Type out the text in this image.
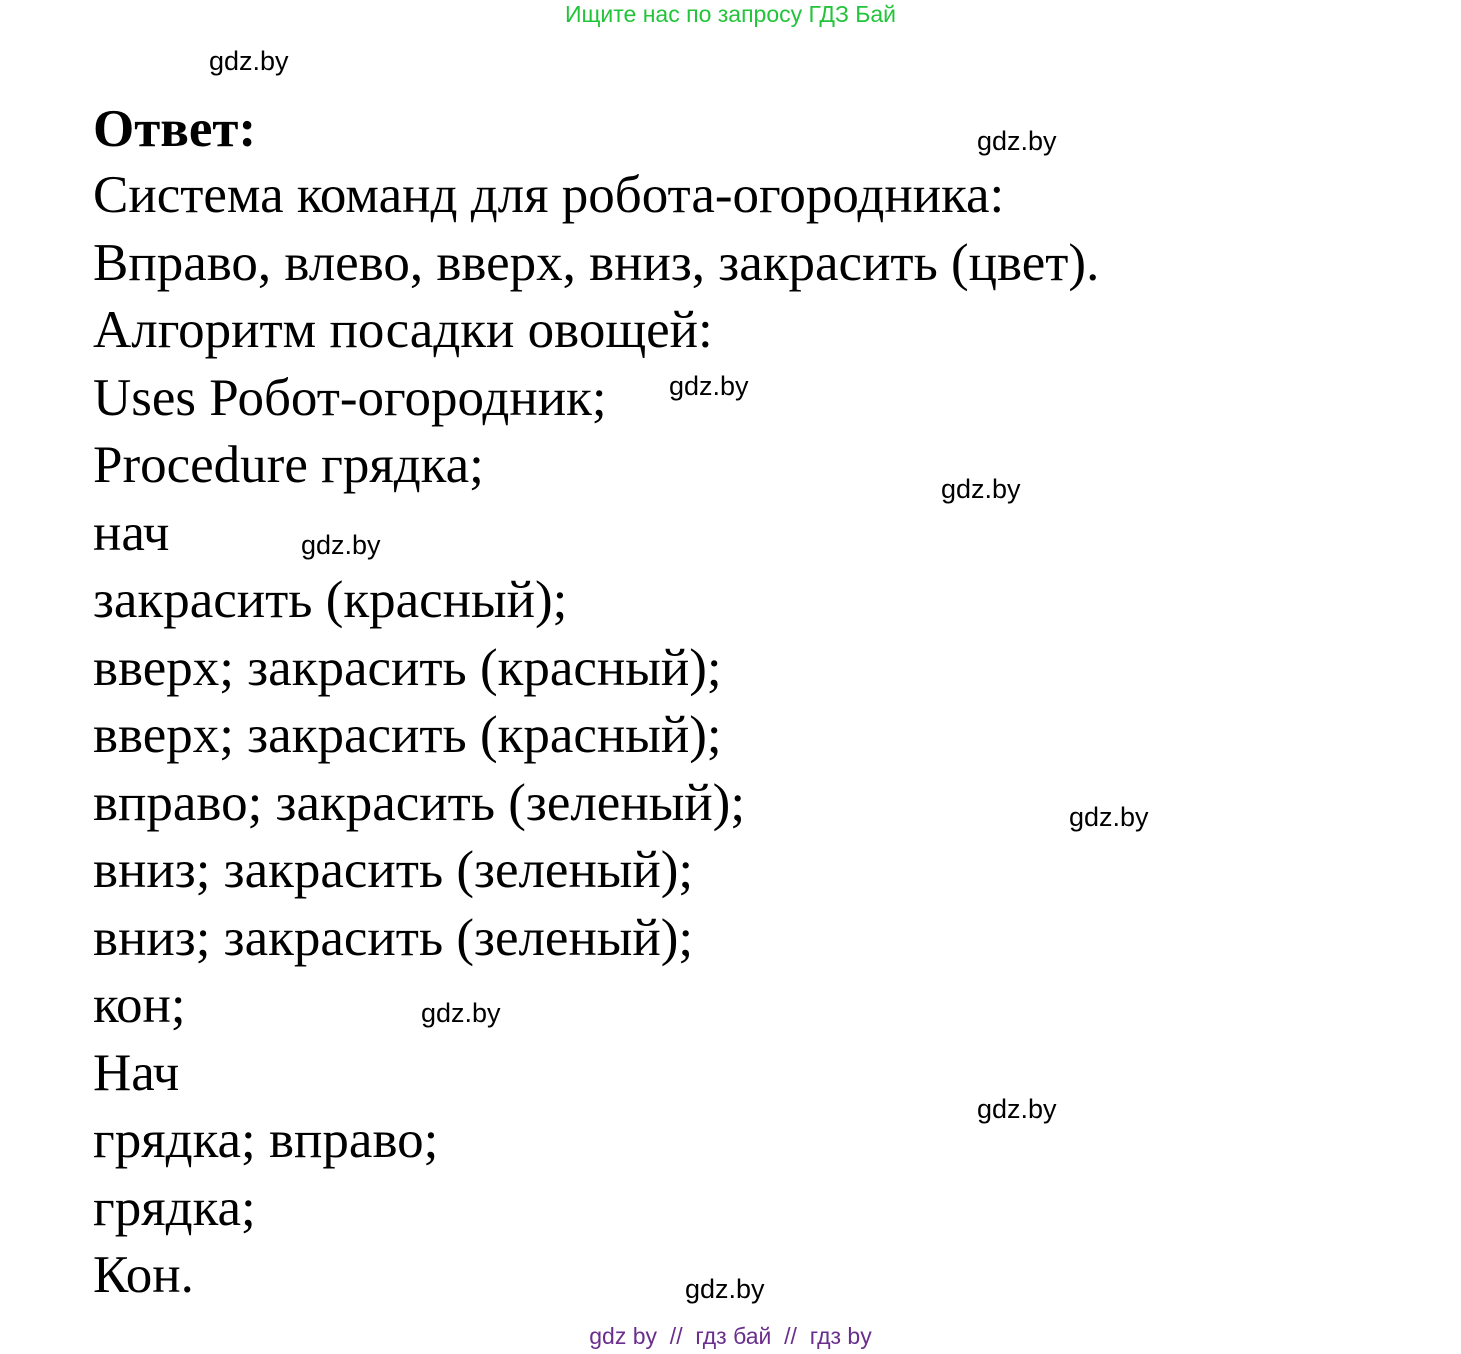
Ищите нас по запросу ГДЗ Бай
Ответ:
Система команд для робота-огородника:
Вправо, влево, вверх, вниз, закрасить (цвет).
Алгоритм посадки овощей:
Uses Робот-огородник;
Procedure грядка;
нач
закрасить (красный);
вверх; закрасить (красный);
вверх; закрасить (красный);
вправо; закрасить (зеленый);
вниз; закрасить (зеленый);
вниз; закрасить (зеленый);
кон;
Нач
грядка; вправо;
грядка;
Кон.
gdz.by
gdz.by
gdz.by
gdz.by
gdz.by
gdz.by
gdz.by
gdz.by
gdz.by
gdz by  //  гдз бай  //  гдз by
